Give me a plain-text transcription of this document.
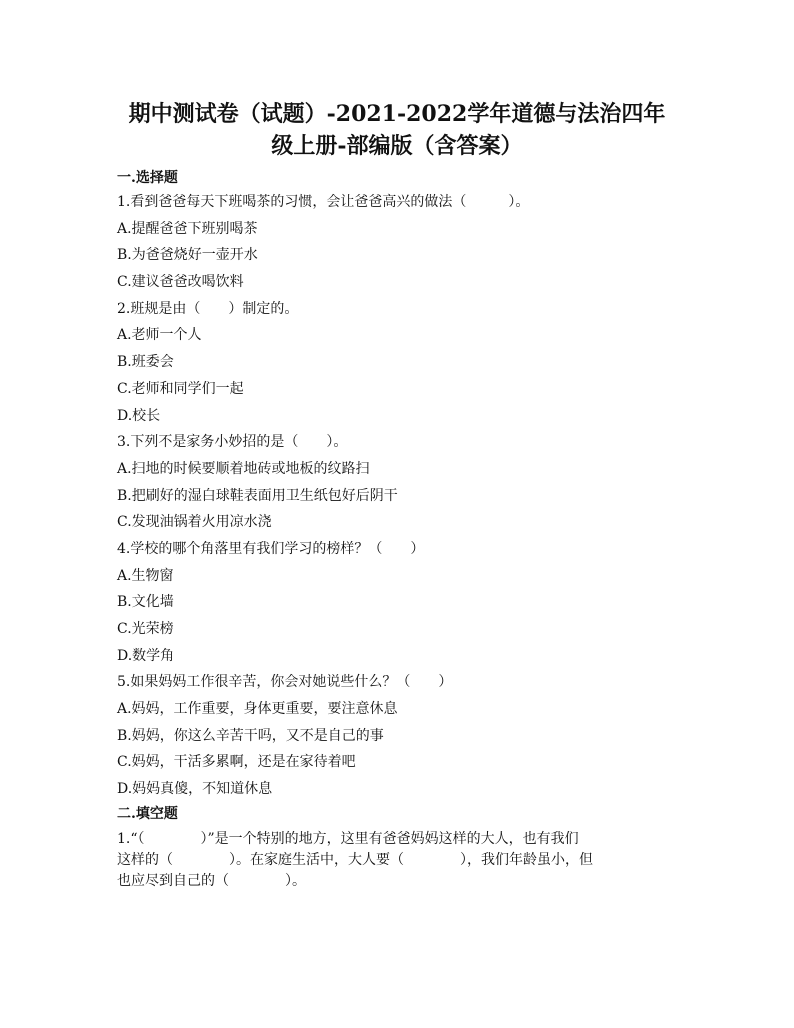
期中测试卷（试题）-2021-2022学年道德与法治四年
级上册-部编版（含答案）
一.选择题
1.看到爸爸每天下班喝茶的习惯，会让爸爸高兴的做法（　　　）。
A.提醒爸爸下班别喝茶
B.为爸爸烧好一壶开水
C.建议爸爸改喝饮料
2.班规是由（　　）制定的。
A.老师一个人
B.班委会
C.老师和同学们一起
D.校长
3.下列不是家务小妙招的是（　　）。
A.扫地的时候要顺着地砖或地板的纹路扫
B.把刷好的湿白球鞋表面用卫生纸包好后阴干
C.发现油锅着火用凉水浇
4.学校的哪个角落里有我们学习的榜样？（　　）
A.生物窗
B.文化墙
C.光荣榜
D.数学角
5.如果妈妈工作很辛苦，你会对她说些什么？（　　）
A.妈妈，工作重要，身体更重要，要注意休息
B.妈妈，你这么辛苦干吗，又不是自己的事
C.妈妈，干活多累啊，还是在家待着吧
D.妈妈真傻，不知道休息
二.填空题
1.“（　　　　）”是一个特别的地方，这里有爸爸妈妈这样的大人，也有我们
这样的（　　　　）。在家庭生活中，大人要（　　　　），我们年龄虽小，但
也应尽到自己的（　　　　）。
